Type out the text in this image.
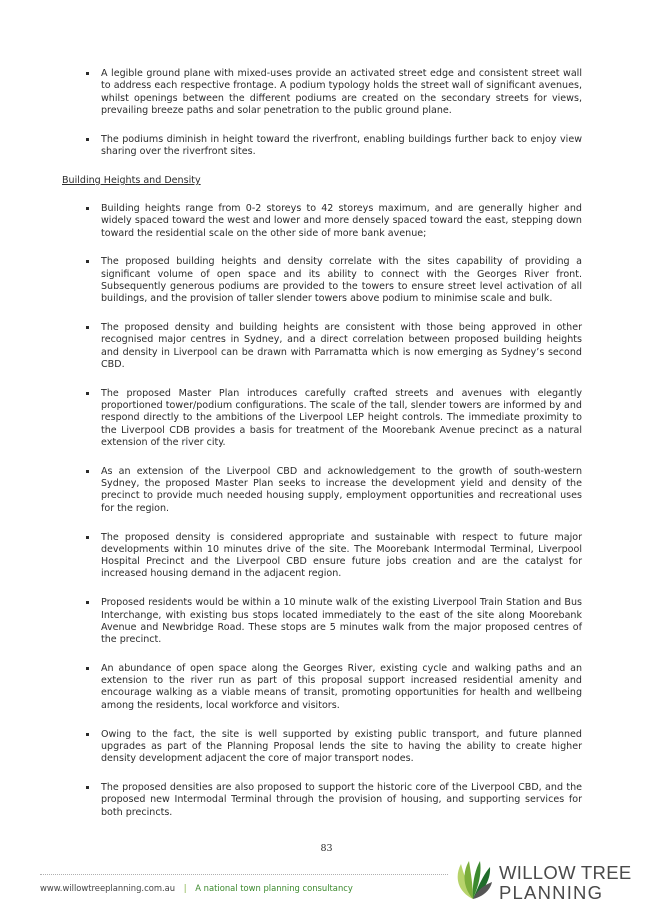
A legible ground plane with mixed-uses provide an activated street edge and consistent street wall to address each respective frontage. A podium typology holds the street wall of significant avenues, whilst openings between the different podiums are created on the secondary streets for views, prevailing breeze paths and solar penetration to the public ground plane.
The podiums diminish in height toward the riverfront, enabling buildings further back to enjoy view sharing over the riverfront sites.

Building Heights and Density

Building heights range from 0-2 storeys to 42 storeys maximum, and are generally higher and widely spaced toward the west and lower and more densely spaced toward the east, stepping down toward the residential scale on the other side of more bank avenue;
The proposed building heights and density correlate with the sites capability of providing a significant volume of open space and its ability to connect with the Georges River front. Subsequently generous podiums are provided to the towers to ensure street level activation of all buildings, and the provision of taller slender towers above podium to minimise scale and bulk.
The proposed density and building heights are consistent with those being approved in other recognised major centres in Sydney, and a direct correlation between proposed building heights and density in Liverpool can be drawn with Parramatta which is now emerging as Sydney’s second CBD.
The proposed Master Plan introduces carefully crafted streets and avenues with elegantly proportioned tower/podium configurations. The scale of the tall, slender towers are informed by and respond directly to the ambitions of the Liverpool LEP height controls. The immediate proximity to the Liverpool CDB provides a basis for treatment of the Moorebank Avenue precinct as a natural extension of the river city.
As an extension of the Liverpool CBD and acknowledgement to the growth of south-western Sydney, the proposed Master Plan seeks to increase the development yield and density of the precinct to provide much needed housing supply, employment opportunities and recreational uses for the region.
The proposed density is considered appropriate and sustainable with respect to future major developments within 10 minutes drive of the site. The Moorebank Intermodal Terminal, Liverpool Hospital Precinct and the Liverpool CBD ensure future jobs creation and are the catalyst for increased housing demand in the adjacent region.
Proposed residents would be within a 10 minute walk of the existing Liverpool Train Station and Bus Interchange, with existing bus stops located immediately to the east of the site along Moorebank Avenue and Newbridge Road. These stops are 5 minutes walk from the major proposed centres of the precinct.
An abundance of open space along the Georges River, existing cycle and walking paths and an extension to the river run as part of this proposal support increased residential amenity and encourage walking as a viable means of transit, promoting opportunities for health and wellbeing among the residents, local workforce and visitors.
Owing to the fact, the site is well supported by existing public transport, and future planned upgrades as part of the Planning Proposal lends the site to having the ability to create higher density development adjacent the core of major transport nodes.
The proposed densities are also proposed to support the historic core of the Liverpool CBD, and the proposed new Intermodal Terminal through the provision of housing, and supporting services for both precincts.
83
www.willowtreeplanning.com.au | A national town planning consultancy
WILLOW TREE
PLANNING
